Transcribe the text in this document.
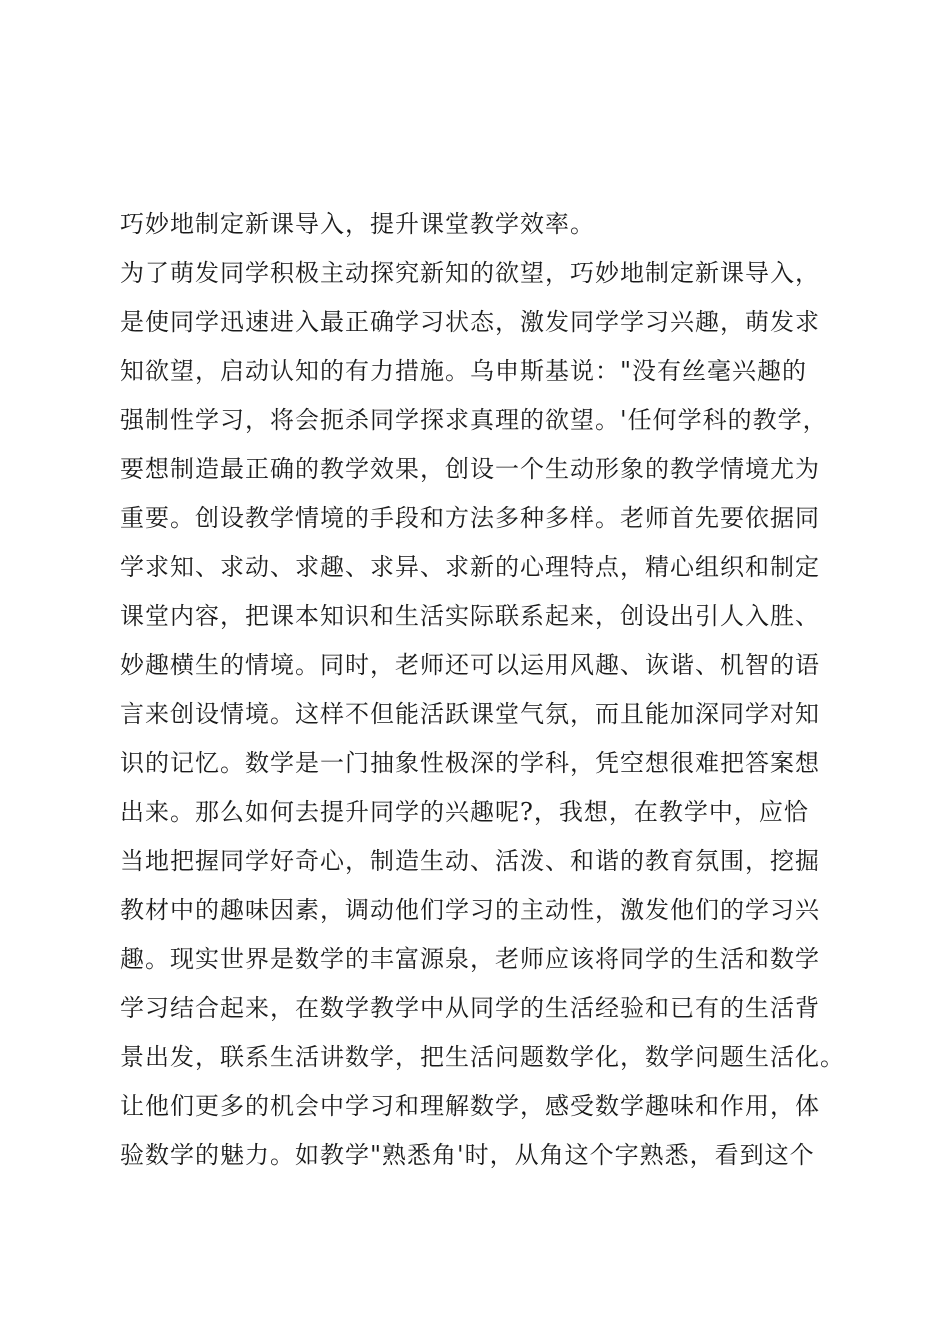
巧妙地制定新课导入，提升课堂教学效率。
为了萌发同学积极主动探究新知的欲望，巧妙地制定新课导入，
是使同学迅速进入最正确学习状态，激发同学学习兴趣，萌发求
知欲望，启动认知的有力措施。乌申斯基说："没有丝毫兴趣的
强制性学习，将会扼杀同学探求真理的欲望。'任何学科的教学，
要想制造最正确的教学效果，创设一个生动形象的教学情境尤为
重要。创设教学情境的手段和方法多种多样。老师首先要依据同
学求知、求动、求趣、求异、求新的心理特点，精心组织和制定
课堂内容，把课本知识和生活实际联系起来，创设出引人入胜、
妙趣横生的情境。同时，老师还可以运用风趣、诙谐、机智的语
言来创设情境。这样不但能活跃课堂气氛，而且能加深同学对知
识的记忆。数学是一门抽象性极深的学科，凭空想很难把答案想
出来。那么如何去提升同学的兴趣呢?，我想，在教学中，应恰
当地把握同学好奇心，制造生动、活泼、和谐的教育氛围，挖掘
教材中的趣味因素，调动他们学习的主动性，激发他们的学习兴
趣。现实世界是数学的丰富源泉，老师应该将同学的生活和数学
学习结合起来，在数学教学中从同学的生活经验和已有的生活背
景出发，联系生活讲数学，把生活问题数学化，数学问题生活化。
让他们更多的机会中学习和理解数学，感受数学趣味和作用，体
验数学的魅力。如教学"熟悉角'时，从角这个字熟悉，看到这个
